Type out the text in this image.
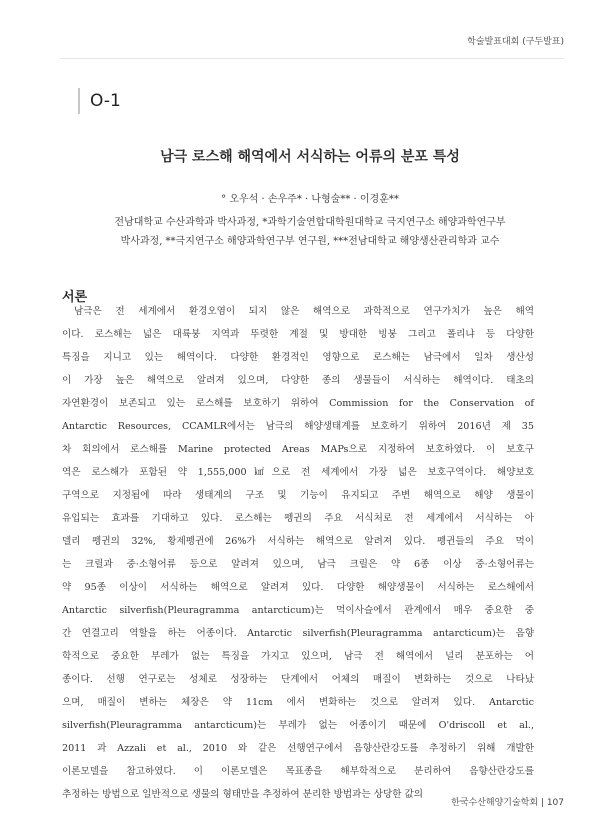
학술발표대회 (구두발표)
O-1
남극 로스해 해역에서 서식하는 어류의 분포 특성
° 오우석 · 손우주* · 나형술** · 이경훈**
전남대학교 수산과학과 박사과정, *과학기술연합대학원대학교 극지연구소 해양과학연구부
박사과정, **극지연구소 해양과학연구부 연구원, ***전남대학교 해양생산관리학과 교수
서론
남극은 전 세계에서 환경오염이 되지 않은 해역으로 과학적으로 연구가치가 높은 해역
이다. 로스해는 넓은 대륙붕 지역과 뚜렷한 계절 및 방대한 빙붕 그리고 폴리냐 등 다양한
특징을 지니고 있는 해역이다. 다양한 환경적인 영향으로 로스해는 남극에서 일차 생산성
이 가장 높은 해역으로 알려져 있으며, 다양한 종의 생물들이 서식하는 해역이다. 태초의
자연환경이 보존되고 있는 로스해를 보호하기 위하여 Commission for the Conservation of
Antarctic Resources, CCAMLR에서는 남극의 해양생태계를 보호하기 위하여 2016년 제 35
차 회의에서 로스해를 Marine protected Areas MAPs으로 지정하여 보호하였다. 이 보호구
역은 로스해가 포함된 약 1,555,000㎢으로 전 세계에서 가장 넓은 보호구역이다. 해양보호
구역으로 지정됨에 따라 생태계의 구조 및 기능이 유지되고 주변 해역으로 해양 생물이
유입되는 효과를 기대하고 있다. 로스해는 펭귄의 주요 서식처로 전 세계에서 서식하는 아
델리 펭귄의 32%, 황제펭귄에 26%가 서식하는 해역으로 알려져 있다. 펭귄들의 주요 먹이
는 크릴과 중·소형어류 등으로 알려져 있으며, 남극 크릴은 약 6종 이상 중·소형어류는
약 95종 이상이 서식하는 해역으로 알려져 있다. 다양한 해양생물이 서식하는 로스해에서
Antarctic silverfish(Pleuragramma antarcticum)는 먹이사슬에서 관계에서 매우 중요한 중
간 연결고리 역할을 하는 어종이다. Antarctic silverfish(Pleuragramma antarcticum)는 음향
학적으로 중요한 부레가 없는 특징을 가지고 있으며, 남극 전 해역에서 널리 분포하는 어
종이다. 선행 연구로는 성체로 성장하는 단계에서 어체의 매질이 변화하는 것으로 나타났
으며, 매질이 변하는 체장은 약 11cm 에서 변화하는 것으로 알려져 있다. Antarctic
silverfish(Pleuragramma antarcticum)는 부레가 없는 어종이기 때문에 O'driscoll et al.,
2011 과 Azzali et al., 2010 와 같은 선행연구에서 음향산란강도를 추정하기 위해 개발한
이론모델을 참고하였다. 이 이론모델은 목표종을 해부학적으로 분리하여 음향산란강도를
추정하는 방법으로 일반적으로 생물의 형태만을 추정하여 분리한 방법과는 상당한 값의
한국수산해양기술학회 | 107
